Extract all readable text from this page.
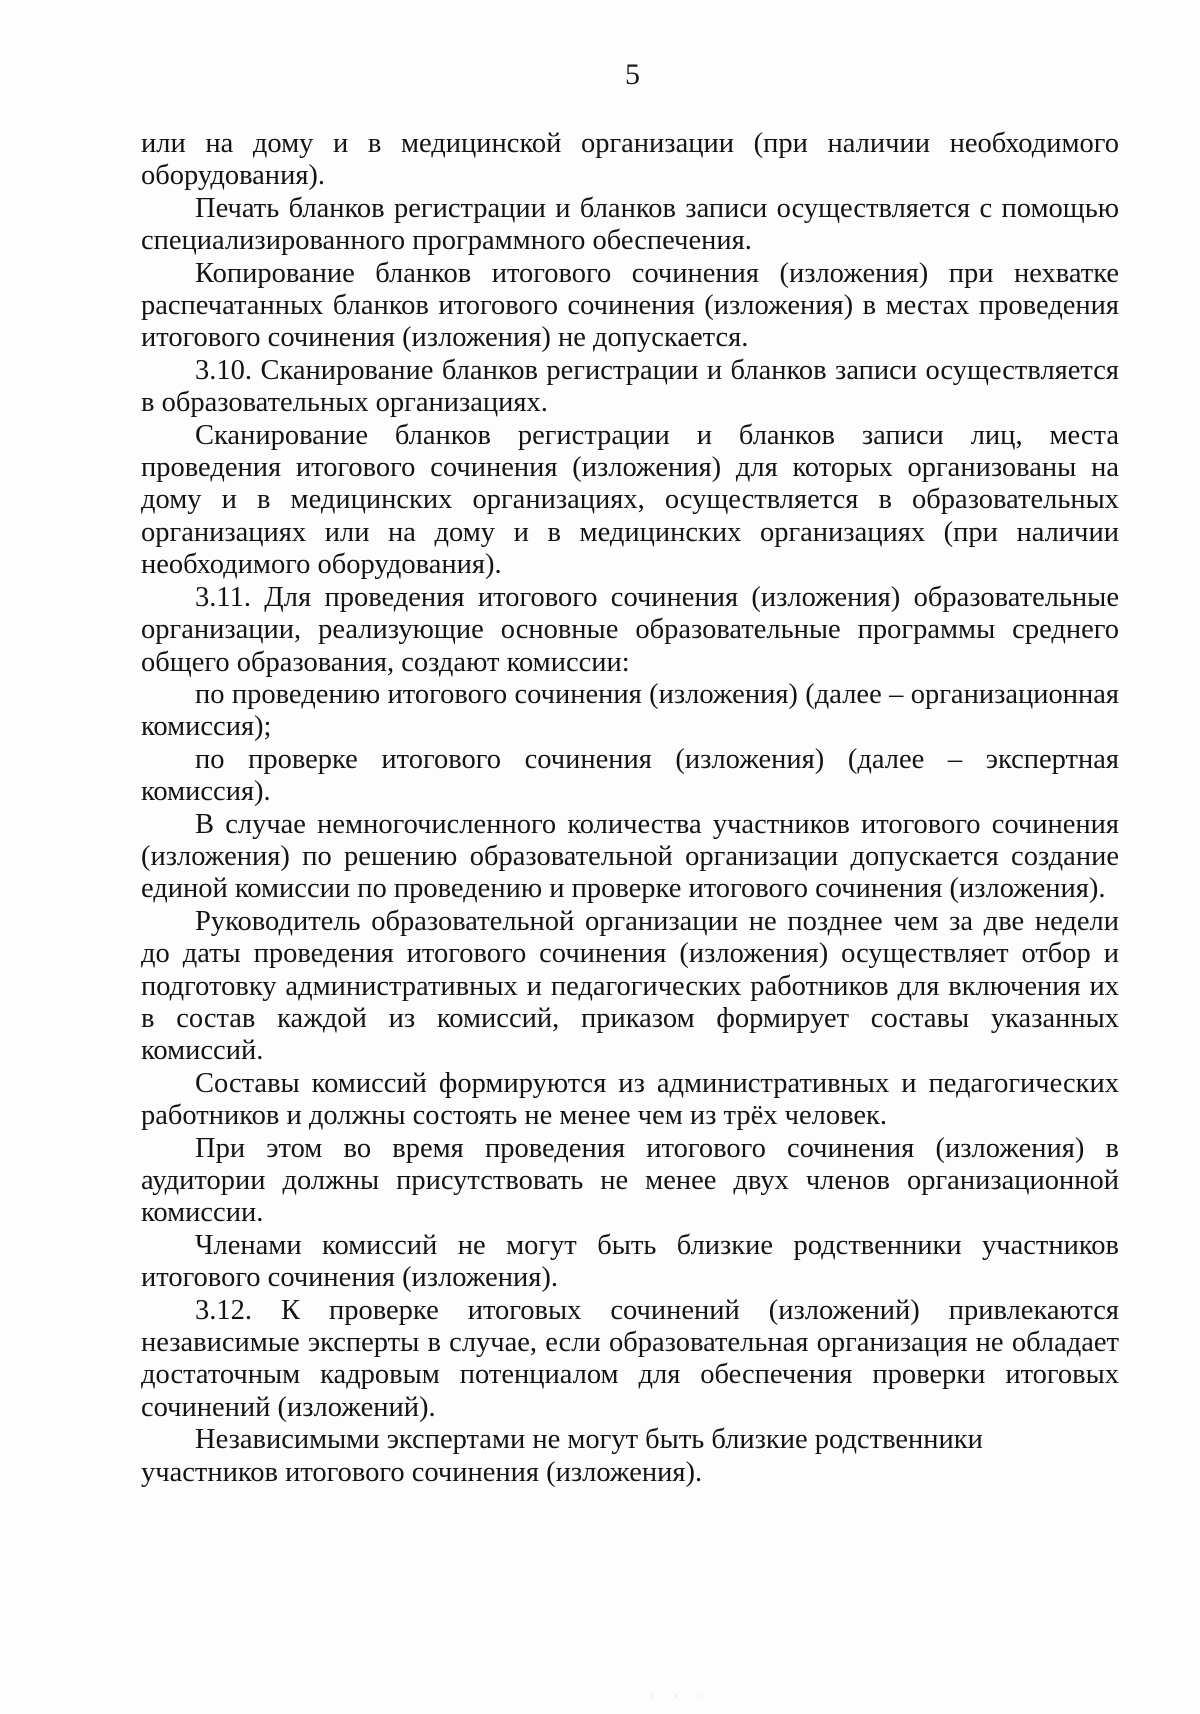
5

или на дому и в медицинской организации (при наличии необходимого оборудования).

Печать бланков регистрации и бланков записи осуществляется с помощью специализированного программного обеспечения.

Копирование бланков итогового сочинения (изложения) при нехватке распечатанных бланков итогового сочинения (изложения) в местах проведения итогового сочинения (изложения) не допускается.

3.10. Сканирование бланков регистрации и бланков записи осуществляется в образовательных организациях.

Сканирование бланков регистрации и бланков записи лиц, места проведения итогового сочинения (изложения) для которых организованы на дому и в медицинских организациях, осуществляется в образовательных организациях или на дому и в медицинских организациях (при наличии необходимого оборудования).

3.11. Для проведения итогового сочинения (изложения) образовательные организации, реализующие основные образовательные программы среднего общего образования, создают комиссии:

по проведению итогового сочинения (изложения) (далее – организационная комиссия);

по проверке итогового сочинения (изложения) (далее – экспертная комиссия).

В случае немногочисленного количества участников итогового сочинения (изложения) по решению образовательной организации допускается создание единой комиссии по проведению и проверке итогового сочинения (изложения).

Руководитель образовательной организации не позднее чем за две недели до даты проведения итогового сочинения (изложения) осуществляет отбор и подготовку административных и педагогических работников для включения их в состав каждой из комиссий, приказом формирует составы указанных комиссий.

Составы комиссий формируются из административных и педагогических работников и должны состоять не менее чем из трёх человек.

При этом во время проведения итогового сочинения (изложения) в аудитории должны присутствовать не менее двух членов организационной комиссии.

Членами комиссий не могут быть близкие родственники участников итогового сочинения (изложения).

3.12. К проверке итоговых сочинений (изложений) привлекаются независимые эксперты в случае, если образовательная организация не обладает достаточным кадровым потенциалом для обеспечения проверки итоговых сочинений (изложений).

Независимыми экспертами не могут быть близкие родственники участников итогового сочинения (изложения).

· · ·
